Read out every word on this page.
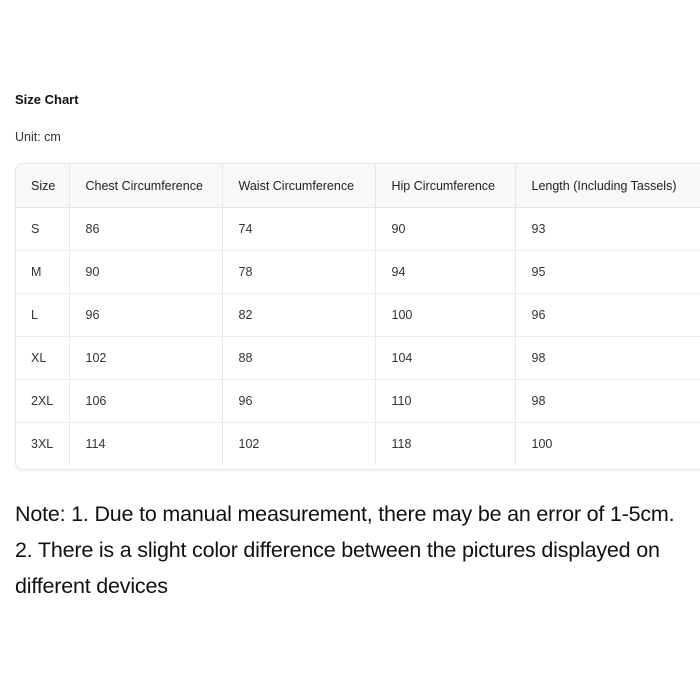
Size Chart
Unit: cm
Size	Chest Circumference	Waist Circumference	Hip Circumference	Length (Including Tassels)
S	86	74	90	93
M	90	78	94	95
L	96	82	100	96
XL	102	88	104	98
2XL	106	96	110	98
3XL	114	102	118	100
Note: 1. Due to manual measurement, there may be an error of 1-5cm.
2. There is a slight color difference between the pictures displayed on
different devices
